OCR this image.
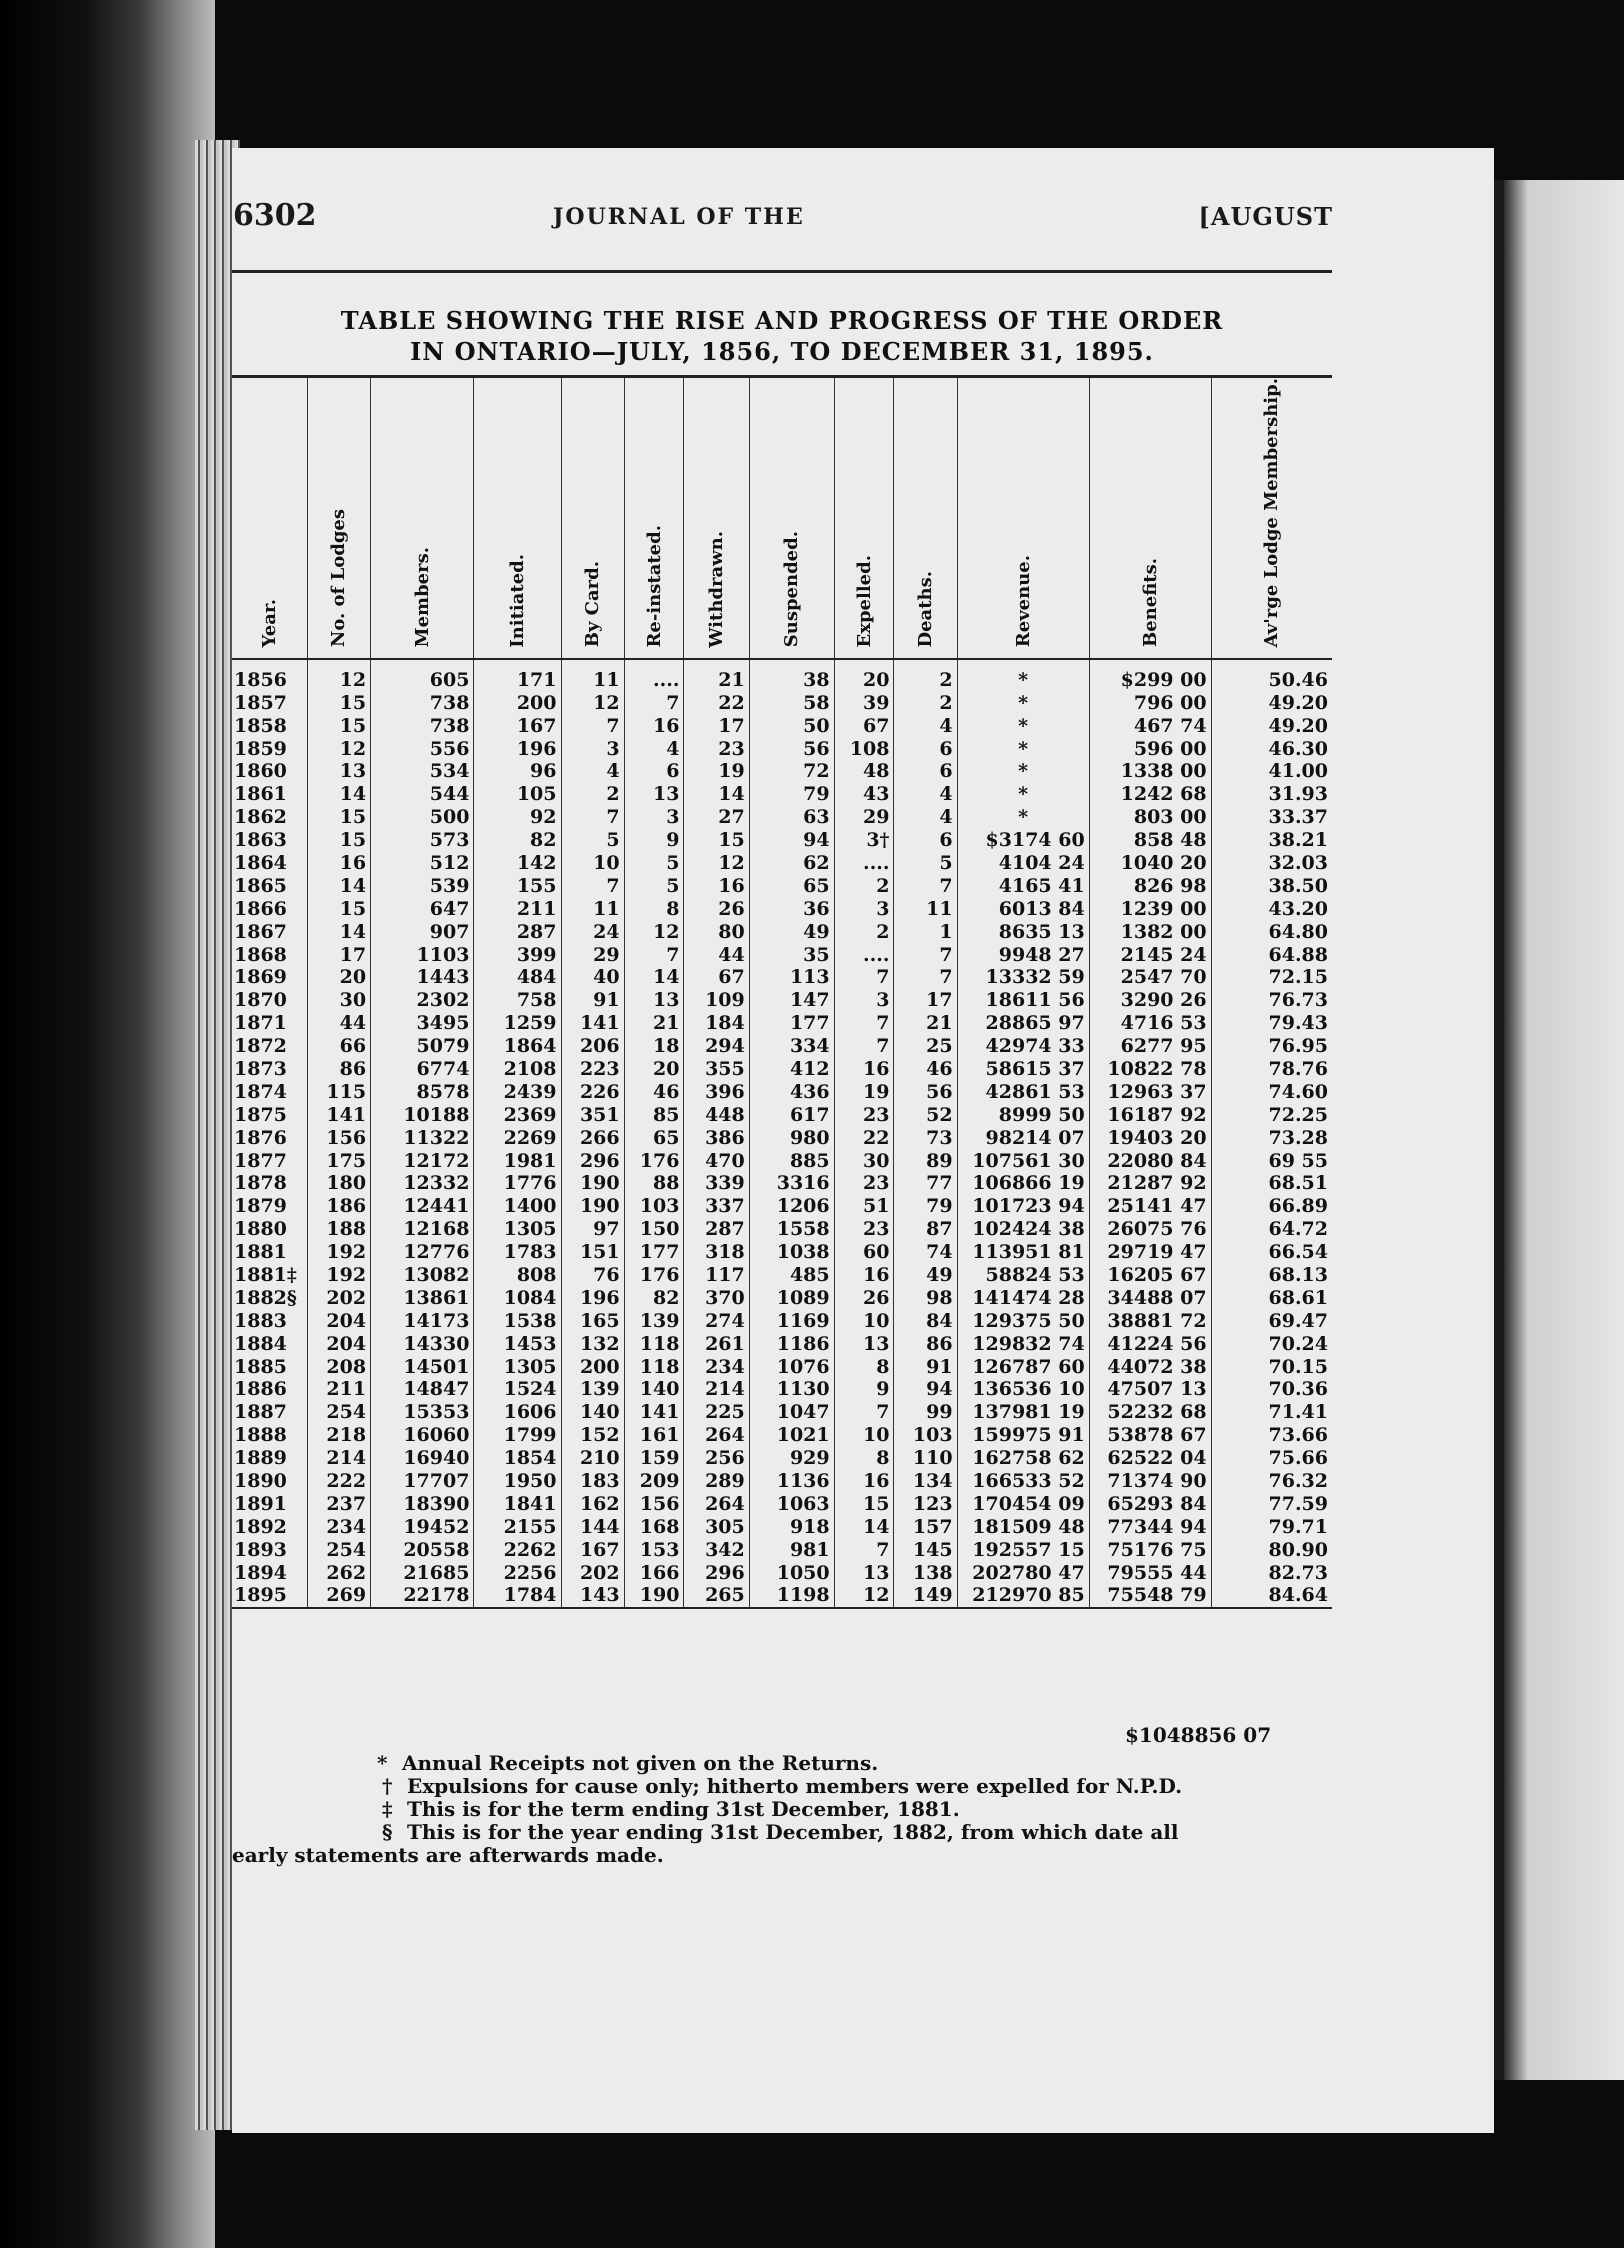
6302	JOURNAL OF THE	[AUGUST
TABLE SHOWING THE RISE AND PROGRESS OF THE ORDER
IN ONTARIO—JULY, 1856, TO DECEMBER 31, 1895.
Year.	No. of Lodges	Members.	Initiated.	By Card.	Re-instated.	Withdrawn.	Suspended.	Expelled.	Deaths.	Revenue.	Benefits.	Av'rge Lodge Membership.
1856	12	605	171	11	....	21	38	20	2	*	$299 00	50.46
1857	15	738	200	12	7	22	58	39	2	*	796 00	49.20
1858	15	738	167	7	16	17	50	67	4	*	467 74	49.20
1859	12	556	196	3	4	23	56	108	6	*	596 00	46.30
1860	13	534	96	4	6	19	72	48	6	*	1338 00	41.00
1861	14	544	105	2	13	14	79	43	4	*	1242 68	31.93
1862	15	500	92	7	3	27	63	29	4	*	803 00	33.37
1863	15	573	82	5	9	15	94	3†	6	$3174 60	858 48	38.21
1864	16	512	142	10	5	12	62	....	5	4104 24	1040 20	32.03
1865	14	539	155	7	5	16	65	2	7	4165 41	826 98	38.50
1866	15	647	211	11	8	26	36	3	11	6013 84	1239 00	43.20
1867	14	907	287	24	12	80	49	2	1	8635 13	1382 00	64.80
1868	17	1103	399	29	7	44	35	....	7	9948 27	2145 24	64.88
1869	20	1443	484	40	14	67	113	7	7	13332 59	2547 70	72.15
1870	30	2302	758	91	13	109	147	3	17	18611 56	3290 26	76.73
1871	44	3495	1259	141	21	184	177	7	21	28865 97	4716 53	79.43
1872	66	5079	1864	206	18	294	334	7	25	42974 33	6277 95	76.95
1873	86	6774	2108	223	20	355	412	16	46	58615 37	10822 78	78.76
1874	115	8578	2439	226	46	396	436	19	56	42861 53	12963 37	74.60
1875	141	10188	2369	351	85	448	617	23	52	8999 50	16187 92	72.25
1876	156	11322	2269	266	65	386	980	22	73	98214 07	19403 20	73.28
1877	175	12172	1981	296	176	470	885	30	89	107561 30	22080 84	69 55
1878	180	12332	1776	190	88	339	3316	23	77	106866 19	21287 92	68.51
1879	186	12441	1400	190	103	337	1206	51	79	101723 94	25141 47	66.89
1880	188	12168	1305	97	150	287	1558	23	87	102424 38	26075 76	64.72
1881	192	12776	1783	151	177	318	1038	60	74	113951 81	29719 47	66.54
1881‡	192	13082	808	76	176	117	485	16	49	58824 53	16205 67	68.13
1882§	202	13861	1084	196	82	370	1089	26	98	141474 28	34488 07	68.61
1883	204	14173	1538	165	139	274	1169	10	84	129375 50	38881 72	69.47
1884	204	14330	1453	132	118	261	1186	13	86	129832 74	41224 56	70.24
1885	208	14501	1305	200	118	234	1076	8	91	126787 60	44072 38	70.15
1886	211	14847	1524	139	140	214	1130	9	94	136536 10	47507 13	70.36
1887	254	15353	1606	140	141	225	1047	7	99	137981 19	52232 68	71.41
1888	218	16060	1799	152	161	264	1021	10	103	159975 91	53878 67	73.66
1889	214	16940	1854	210	159	256	929	8	110	162758 62	62522 04	75.66
1890	222	17707	1950	183	209	289	1136	16	134	166533 52	71374 90	76.32
1891	237	18390	1841	162	156	264	1063	15	123	170454 09	65293 84	77.59
1892	234	19452	2155	144	168	305	918	14	157	181509 48	77344 94	79.71
1893	254	20558	2262	167	153	342	981	7	145	192557 15	75176 75	80.90
1894	262	21685	2256	202	166	296	1050	13	138	202780 47	79555 44	82.73
1895	269	22178	1784	143	190	265	1198	12	149	212970 85	75548 79	84.64
$1048856 07

* Annual Receipts not given on the Returns.

† Expulsions for cause only; hitherto members were expelled for N.P.D.

‡ This is for the term ending 31st December, 1881.

§ This is for the year ending 31st December, 1882, from which date all

early statements are afterwards made.
